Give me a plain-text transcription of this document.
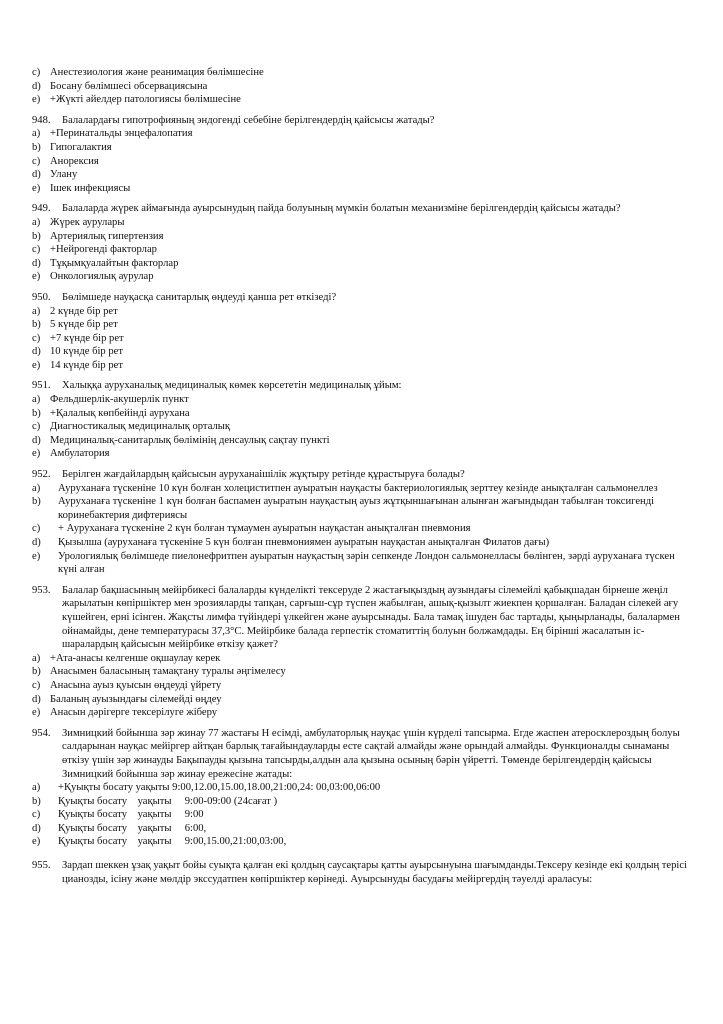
c) Анестезиология және реанимация бөлімшесіне
d) Босану бөлімшесі обсервациясына
e) +Жүкті әйелдер патологиясы бөлімшесіне
948.	Балалардағы гипотрофияның эндогенді себебіне берілгендердің қайсысы жатады?
a) +Перинатальды энцефалопатия
b) Гипогалактия
c) Анорексия
d) Улану
e) Ішек инфекциясы
949.	Балаларда жүрек аймағында ауырсынудың пайда болуының мүмкін болатын механизміне берілгендердің қайсысы жатады?
a) Жүрек аурулары
b) Артериялық гипертензия
c) +Нейрогенді факторлар
d) Тұқымқуалайтын факторлар
e) Онкологиялық аурулар
950.	Бөлімшеде науқасқа санитарлық өңдеуді қанша рет өткізеді?
a) 2 күнде бір рет
b) 5 күнде бір рет
c) +7 күнде бір рет
d) 10 күнде бір рет
e) 14 күнде бір рет
951.	Халыққа ауруханалық медициналық көмек көрсететін медициналық ұйым:
a) Фельдшерлік-акушерлік пункт
b) +Қалалық көпбейінді аурухана
c) Диагностикалық медициналық орталық
d) Медициналық-санитарлық бөлімінің денсаулық сақтау пункті
e) Амбулатория
952.	Берілген жағдайлардың қайсысын ауруханаішілік жұқтыру ретінде құрастыруға болады?
a)	Ауруханаға түскеніне 10 күн болған холециститпен ауыратын науқасты бактериологиялық зерттеу кезінде анықталған сальмонеллез
b)	Ауруханаға түскеніне 1 күн болған баспамен ауыратын науқастың ауыз жұтқыншағынан алынған жағындыдан табылған токсигенді коринебактерия дифтериясы
c)	+ Ауруханаға түскеніне 2 күн болған тұмаумен ауыратын науқастан анықталған пневмония
d)	Қызылша (ауруханаға түскеніне 5 күн болған пневмониямен ауыратын науқастан анықталған Филатов дағы)
e)	Урологиялық бөлімшеде пиелонефритпен ауыратын науқастың зәрін сепкенде Лондон сальмонелласы бөлінген, зәрді ауруханаға түскен күні алған
953.	Балалар бақшасының мейірбикесі балаларды күнделікті тексеруде 2 жастағықыздың аузындағы сілемейлі қабықшадан бірнеше жеңіл жарылатын көпіршіктер мен эрозияларды тапқан, сарғыш-сұр түспен жабылған, ашық-қызылт жиекпен қоршалған. Баладан сілекей ағу күшейген, ерні ісінген. Жақсты лимфа түйіндері үлкейген және ауырсынады. Бала тамақ ішуден бас тартады, қыңырланады, балалармен ойнамайды, дене температурасы 37,3°С. Мейірбике балада герпестік стоматиттің болуын болжамдады. Ең бірінші жасалатын іс-шаралардың қайсысын мейірбике өткізу қажет?
a) +Ата-анасы келгенше оқшаулау керек
b) Анасымен баласының тамақтану туралы әңгімелесу
c) Анасына ауыз қуысын өңдеуді үйрету
d) Баланың ауызындағы сілемейді өңдеу
e) Анасын дәрігерге тексерілуге жіберу
954.	Зимницкий бойынша зәр жинау 77 жастағы Н есімді, амбулаторлық науқас үшін күрделі тапсырма. Егде жаспен атеросклероздың болуы салдарынан науқас мейіргер айтқан барлық тағайындауларды есте сақтай алмайды және орындай алмайды. Функционалды сынаманы өткізу үшін зәр жинауды Бақыпауды қызына тапсырды,алдын ала қызына осының бәрін үйретті. Төменде берілгендердің қайсысы Зимницкий бойынша зәр жинау ережесіне жатады:
a)	+Қуықты босату уақыты 9:00,12.00,15.00,18.00,21:00,24: 00,03:00,06:00
b)	Қуықты босату    уақыты     9:00-09:00 (24сағат )
c)	Қуықты босату    уақыты     9:00
d)	Қуықты босату    уақыты     6:00,
e)	Қуықты босату    уақыты     9:00,15.00,21:00,03:00,
955.	Зардап шеккен ұзақ уақыт бойы суықта қалған екі қолдың саусақтары қатты ауырсынуына шағымданды.Тексеру кезінде екі қолдың терісі цианозды, ісіну және мөлдір экссудатпен көпіршіктер көрінеді. Ауырсынуды басудағы мейіргердің тәуелді араласуы:
